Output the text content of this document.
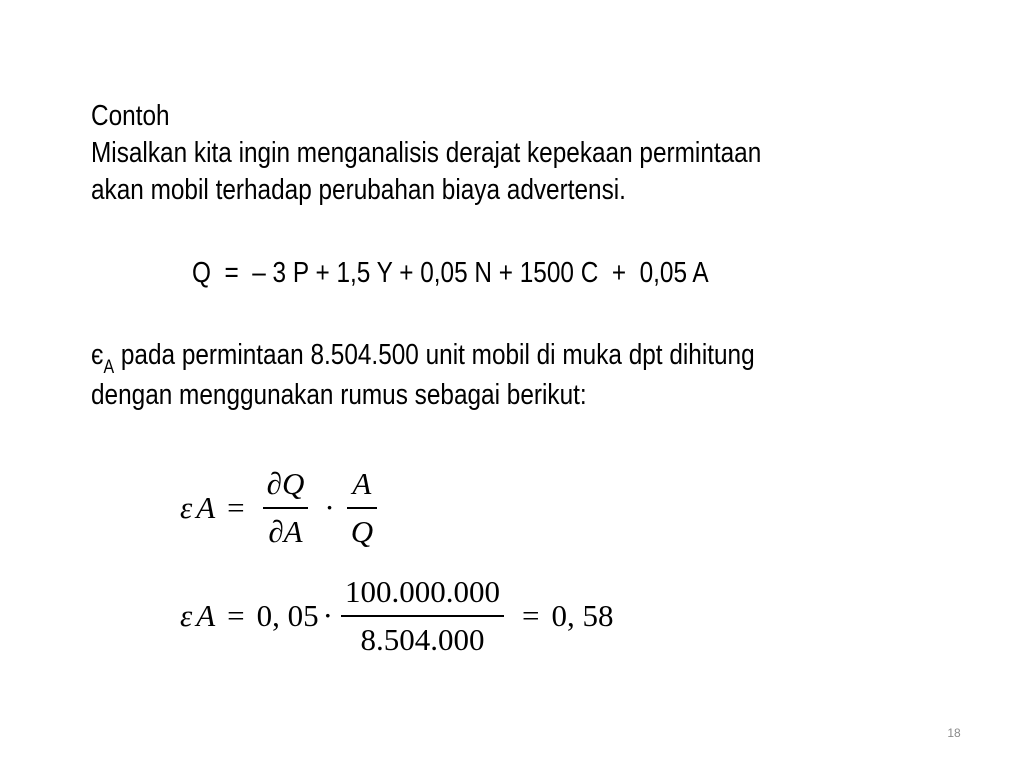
Contoh
Misalkan kita ingin menganalisis derajat kepekaan permintaan
akan mobil terhadap perubahan biaya advertensi.
Q  =  – 3 P + 1,5 Y + 0,05 N + 1500 C  +  0,05 A
$є_A$ pada permintaan 8.504.500 unit mobil di muka dpt dihitung
dengan menggunakan rumus sebagai berikut:
ε $A = \frac{\partial Q}{\partial A} \cdot \frac{A}{Q}$
ε A = 0, $05 \cdot \frac{100.000.000}{8.504.000} = 0$, 58
18
